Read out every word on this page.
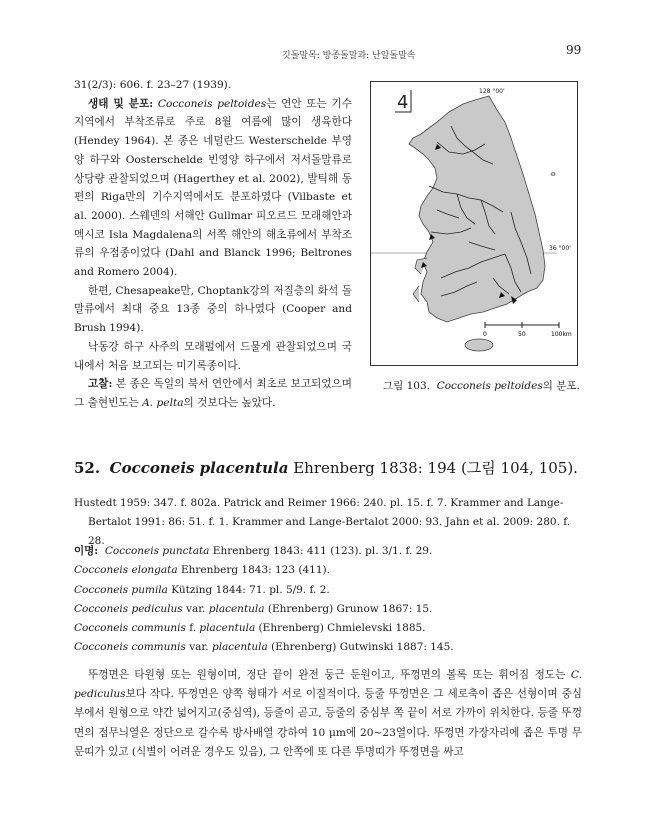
깃돌말목: 방종돌말과: 난알돌말속	99

31(2/3): 606. f. 23–27 (1939).

생태 및 분포: Cocconeis peltoides는 연안 또는 기수 지역에서 부착조류로 주로 8월 여름에 많이 생육한다 (Hendey 1964). 본 종은 네덜란드 Westerschelde 부영양 하구와 Oosterschelde 빈영양 하구에서 저서돌말류로 상당량 관찰되었으며 (Hagerthey et al. 2002), 발틱해 동편의 Riga만의 기수지역에서도 분포하였다 (Vilbaste et al. 2000). 스웨덴의 서해안 Gullmar 피오르드 모래해안과 멕시코 Isla Magdalena의 서쪽 해안의 해초류에서 부착조류의 우점종이었다 (Dahl and Blanck 1996; Beltrones and Romero 2004).

한편, Chesapeake만, Choptank강의 저질층의 화석 돌말류에서 최대 중요 13종 중의 하나였다 (Cooper and Brush 1994).

낙동강 하구 사주의 모래펄에서 드물게 관찰되었으며 국내에서 처음 보고되는 미기록종이다.

고찰: 본 종은 독일의 북서 연안에서 최초로 보고되었으며 그 출현빈도는 A. pelta의 것보다는 높았다.

4
128 °00'
36 °00'
0	50	100km
그림 103. Cocconeis peltoides의 분포.
52. Cocconeis placentula Ehrenberg 1838: 194 (그림 104, 105).

Hustedt 1959: 347. f. 802a. Patrick and Reimer 1966: 240. pl. 15. f. 7. Krammer and Lange-Bertalot 1991: 86: 51. f. 1. Krammer and Lange-Bertalot 2000: 93. Jahn et al. 2009: 280. f. 28.

이명: Cocconeis punctata Ehrenberg 1843: 411 (123). pl. 3/1. f. 29.

Cocconeis elongata Ehrenberg 1843: 123 (411).

Cocconeis pumila Kützing 1844: 71. pl. 5/9. f. 2.

Cocconeis pediculus var. placentula (Ehrenberg) Grunow 1867: 15.

Cocconeis communis f. placentula (Ehrenberg) Chmielevski 1885.

Cocconeis communis var. placentula (Ehrenberg) Gutwinski 1887: 145.

뚜껑면은 타원형 또는 원형이며, 정단 끝이 완전 둥근 둔원이고, 뚜껑면의 볼록 또는 휘어짐 정도는 C. pediculus보다 작다. 뚜껑면은 양쪽 형태가 서로 이질적이다. 등줄 뚜껑면은 그 세로축이 좁은 선형이며 중심부에서 원형으로 약간 넓어지고(중심역), 등줄이 곧고, 등줄의 중심부 쪽 끝이 서로 가까이 위치한다. 등줄 뚜껑면의 점무늬열은 정단으로 갈수록 방사배열 강하여 10 μm에 20~23열이다. 뚜껑면 가장자리에 좁은 투명 무문띠가 있고 (식별이 어려운 경우도 있음), 그 안쪽에 또 다른 투명띠가 뚜껑면을 싸고
